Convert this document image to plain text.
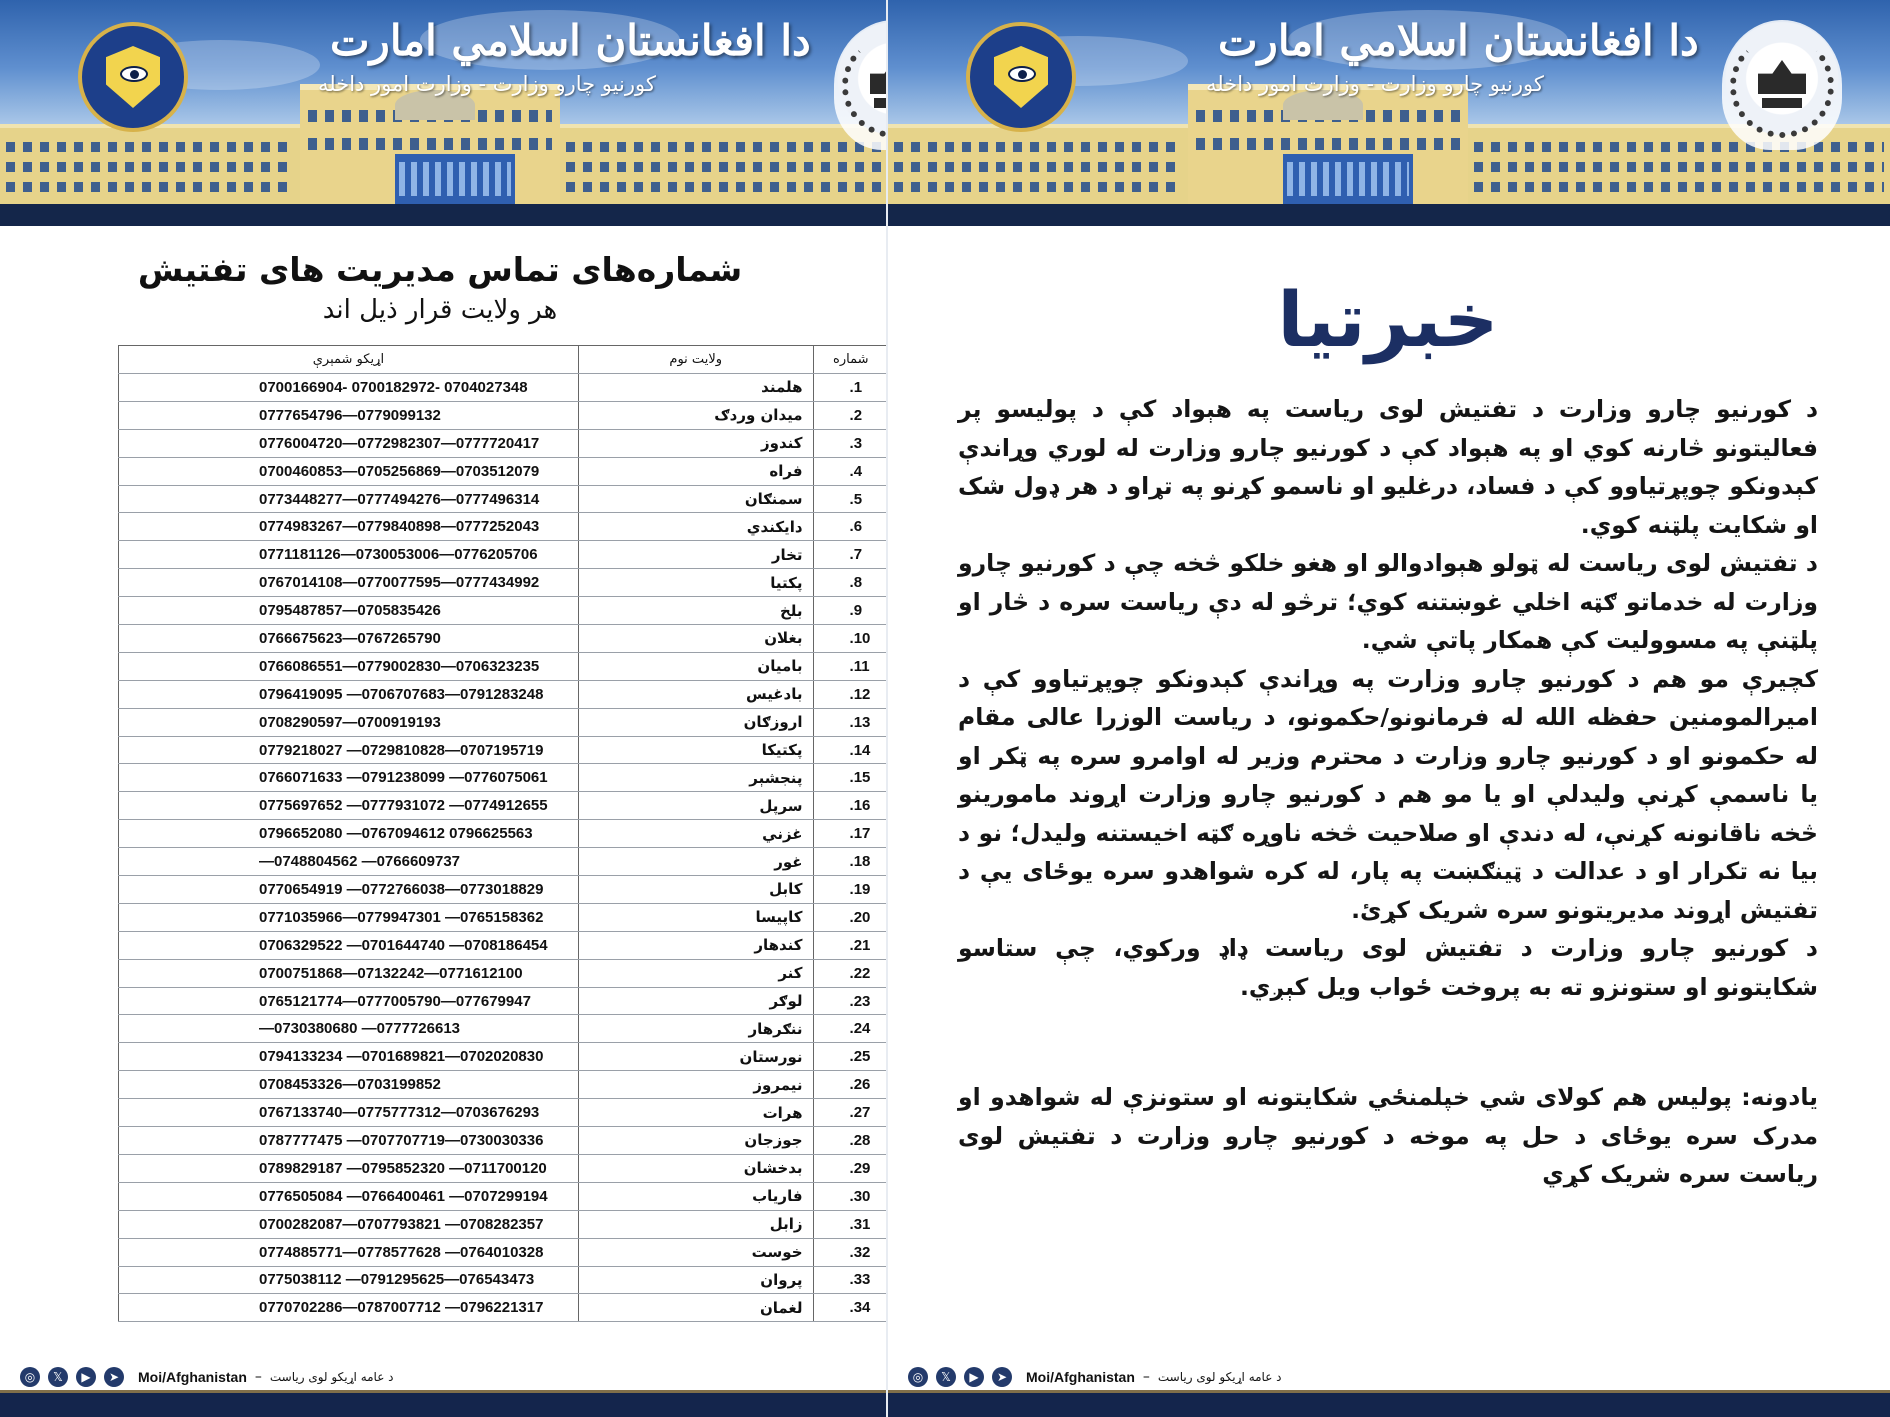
دا افغانستان اسلامي امارت
کورنیو چارو وزارت - وزارت امور داخله
شماره‌های تماس مدیریت های تفتیش
هر ولایت قرار ذیل اند
اړیکو شمېرې	ولایت نوم	شماره
0700166904- 0700182972- 0704027348	هلمند	.1
0777654796—0779099132	میدان وردګ	.2
0776004720—0772982307—0777720417	کندوز	.3
0700460853—0705256869—0703512079	فراه	.4
0773448277—0777494276—0777496314	سمنګان	.5
0774983267—0779840898—0777252043	دایکندي	.6
0771181126—0730053006—0776205706	تخار	.7
0767014108—0770077595—0777434992	پکتیا	.8
0795487857—0705835426	بلخ	.9
0766675623—0767265790	بغلان	.10
0766086551—0779002830—0706323235	بامیان	.11
0796419095 —0706707683—0791283248	بادغیس	.12
0708290597—0700919193	اروزګان	.13
0779218027 —0729810828—0707195719	پکتیکا	.14
0766071633 —0791238099 —0776075061	پنجشېر	.15
0775697652 —0777931072 —0774912655	سرپل	.16
0796652080 —0767094612 0796625563	غزني	.17
—0748804562 —0766609737	غور	.18
0770654919 —0772766038—0773018829	کابل	.19
0771035966—0779947301 —0765158362	کاپیسا	.20
0706329522 —0701644740 —0708186454	کندهار	.21
0700751868—07132242—0771612100	کنر	.22
0765121774—0777005790—077679947	لوګر	.23
—0730380680 —0777726613	ننګرهار	.24
0794133234 —0701689821—0702020830	نورستان	.25
0708453326—0703199852	نیمروز	.26
0767133740—0775777312—0703676293	هرات	.27
0787777475 —0707707719—0730030336	جوزجان	.28
0789829187 —0795852320 —0711700120	بدخشان	.29
0776505084 —0766400461 —0707299194	فاریاب	.30
0700282087—0707793821 —0708282357	زابل	.31
0774885771—0778577628 —0764010328	خوست	.32
0775038112 —0791295625—076543473	پروان	.33
0770702286—0787007712 —0796221317	لغمان	.34
◎	𝕏	▶	➤	Moi/Afghanistan – د عامه اړیکو لوی ریاست
دا افغانستان اسلامي امارت
کورنیو چارو وزارت - وزارت امور داخله
خبرتیا

د کورنیو چارو وزارت د تفتیش لوی ریاست په هېواد کې د پولیسو پر فعالیتونو څارنه کوي او په هېواد کې د کورنیو چارو وزارت له لوري وړاندې کېدونکو چوپړتیاوو کې د فساد، درغلیو او ناسمو کړنو په تړاو د هر ډول شک او شکایت پلټنه کوي.

د تفتیش لوی ریاست له ټولو هېوادوالو او هغو خلکو څخه چې د کورنیو چارو وزارت له خدماتو ګټه اخلي غوښتنه کوي؛ ترڅو له دې ریاست سره د څار او پلټنې په مسوولیت کې همکار پاتې شي.

کچیرې مو هم د کورنیو چارو وزارت په وړاندې کېدونکو چوپړتیاوو کې د امیرالمومنین حفظه الله له فرمانونو/حکمونو، د ریاست الوزرا عالی مقام له حکمونو او د کورنیو چارو وزارت د محترم وزیر له اوامرو سره په ټکر او یا ناسمې کړنې ولیدلې او یا مو هم د کورنیو چارو وزارت اړوند مامورینو څخه ناقانونه کړنې، له دندې او صلاحیت څخه ناوړه ګټه اخیستنه ولیدل؛ نو د بیا نه تکرار او د عدالت د ټینګښت په پار، له کره شواهدو سره یوځای یې د تفتیش اړوند مدیریتونو سره شریک کړئ.

د کورنیو چارو وزارت د تفتیش لوی ریاست ډاډ ورکوي، چې ستاسو شکایتونو او ستونزو ته به پروخت ځواب ویل کېږي.

یادونه: پولیس هم کولای شي خپلمنځي شکایتونه او ستونزې له شواهدو او مدرک سره یوځای د حل په موخه د کورنیو چارو وزارت د تفتیش لوی ریاست سره شریک کړي
◎	𝕏	▶	➤	Moi/Afghanistan – د عامه اړیکو لوی ریاست
